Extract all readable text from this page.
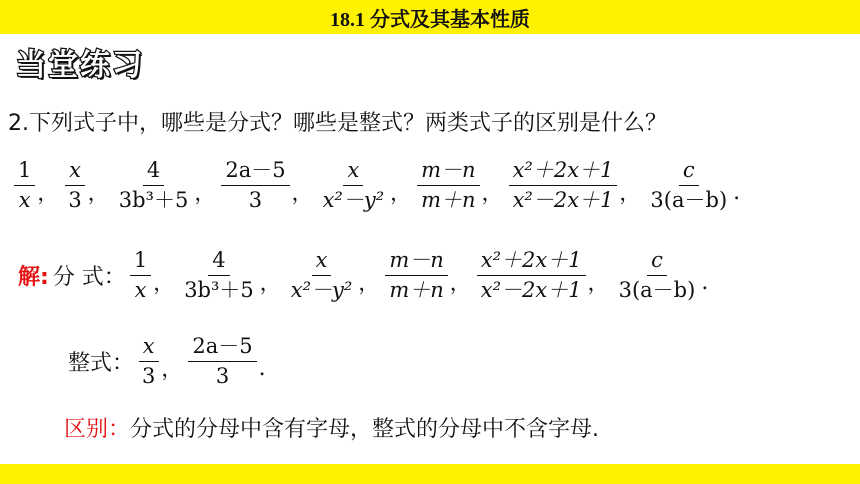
18.1 分式及其基本性质
当堂练习
2.下列式子中，哪些是分式？哪些是整式？两类式子的区别是什么？
$\frac{1}{x}$ ， $\frac{x}{3}$ ， $\frac{4}{\text{3b³＋5}}$ ， $\frac{2a-5}{3}$ ， $\frac{x}{\text{x²－y²}}$ ， $\frac{m-n}{m+n}$ ， $\frac{\text{x²＋2x＋1}}{\text{x²－2x＋1}}$ ， $\frac{c}{3(a-b)}$ .
解: 分 式： $\frac{1}{x}$ ， $\frac{4}{\text{3b³＋5}}$ ， $\frac{x}{\text{x²－y²}}$ ， $\frac{m-n}{m+n}$ ， $\frac{\text{x²＋2x＋1}}{\text{x²－2x＋1}}$ ， $\frac{c}{3(a-b)}$ .
整式： $\frac{x}{3}$ ， $\frac{2a-5}{3}$ .
区别：分式的分母中含有字母，整式的分母中不含字母.
